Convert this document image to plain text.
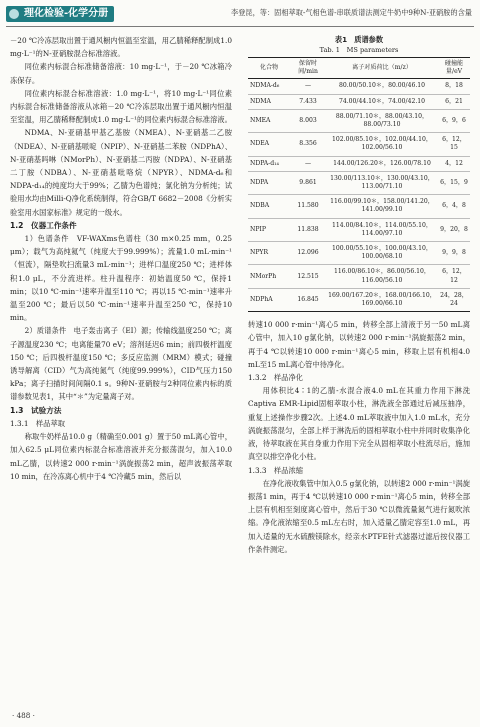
理化检验-化学分册	李登昆，等：固相萃取-气相色谱-串联质谱法测定牛奶中9种N-亚硝胺的含量

－20 ℃冷冻层取出置于通风橱内恒温至室温，用乙腈稀释配制成1.0 mg·L⁻¹的N-亚硝胺混合标准溶液。

同位素内标混合标准储备溶液：10 mg·L⁻¹，于－20 ℃冰箱冷冻保存。

同位素内标混合标准溶液：1.0 mg·L⁻¹，将10 mg·L⁻¹同位素内标混合标准储备溶液从冰箱－20 ℃冷冻层取出置于通风橱内恒温至室温，用乙腈稀释配制成1.0 mg·L⁻¹的同位素内标混合标准溶液。

NDMA、N-亚硝基甲基乙基胺（NMEA）、N-亚硝基二乙胺（NDEA）、N-亚硝基哌啶（NPIP）、N-亚硝基二苯胺（NDPhA）、N-亚硝基吗啉（NMorPh）、N-亚硝基二丙胺（NDPA）、N-亚硝基二丁胺（NDBA）、N-亚硝基吡咯烷（NPYR）、NDMA-d₆和NDPA-d₁₄的纯度均大于99%；乙腈为色谱纯；氯化钠为分析纯；试验用水均由Milli-Q净化系统制得，符合GB/T 6682－2008《分析实验室用水国家标准》规定的一级水。

1.2　仪器工作条件

1）色谱条件　VF-WAXms色谱柱（30 m×0.25 mm，0.25 μm）；载气为高纯氦气（纯度大于99.999%）；流量1.0 mL·min⁻¹（恒流），隔垫吹扫流量3 mL·min⁻¹；进样口温度250 ℃；进样体积1.0 μL，不分流进样。柱升温程序：初始温度50 ℃，保持1 min；以10 ℃·min⁻¹速率升温至110 ℃；再以15 ℃·min⁻¹速率升温至200 ℃；最后以50 ℃·min⁻¹速率升温至250 ℃，保持10 min。

2）质谱条件　电子轰击离子（EI）源；传输线温度250 ℃；离子源温度230 ℃；电离能量70 eV；溶剂延迟6 min；前四极杆温度150 ℃；后四极杆温度150 ℃；多反应监测（MRM）模式；碰撞诱导解离（CID）气为高纯氮气（纯度99.999%），CID气压力150 kPa；离子扫描时间间隔0.1 s。9种N-亚硝胺与2种同位素内标的质谱参数见表1，其中“＊”为定量离子对。

1.3　试验方法

1.3.1　样品萃取

称取牛奶样品10.0 g（精确至0.001 g）置于50 mL离心管中，加入62.5 μL同位素内标混合标准溶液并充分振荡混匀，加入10.0 mL乙腈，以转速2 000 r·min⁻¹涡旋振荡2 min，超声波振荡萃取10 min，在冷冻离心机中于4 ℃冷藏5 min，然后以

表1　质谱参数

Tab. 1　MS parameters

化合物	保留时间/min	离子对质荷比（m/z）	碰撞能量/eV
NDMA-d₆	—	80.00/50.10＊，80.00/46.10	8，18
NDMA	7.433	74.00/44.10＊，74.00/42.10	6，21
NMEA	8.003	88.00/71.10＊，88.00/43.10，88.00/73.10	6，9，6
NDEA	8.356	102.00/85.10＊，102.00/44.10，102.00/56.10	6，12，15
NDPA-d₁₄	—	144.00/126.20＊，126.00/78.10	4，12
NDPA	9.861	130.00/113.10＊，130.00/43.10，113.00/71.10	6，15，9
NDBA	11.580	116.00/99.10＊，158.00/141.20，141.00/99.10	6，4，8
NPIP	11.838	114.00/84.10＊，114.00/55.10，114.00/97.10	9，20，8
NPYR	12.096	100.00/55.10＊，100.00/43.10，100.00/68.10	9，9，8
NMorPh	12.515	116.00/86.10＊，86.00/56.10，116.00/56.10	6，12，12
NDPhA	16.845	169.00/167.20＊，168.00/166.10，169.00/66.10	24，28，24

转速10 000 r·min⁻¹离心5 min，转移全部上清液于另一50 mL离心管中，加入10 g氯化钠，以转速2 000 r·min⁻¹涡旋振荡2 min，再于4 ℃以转速10 000 r·min⁻¹离心5 min，移取上层有机相4.0 mL至15 mL离心管中待净化。

1.3.2　样品净化

用体积比4∶1的乙腈-水混合液4.0 mL在其重力作用下淋洗Captiva EMR-Lipid固相萃取小柱，淋洗液全部通过后减压抽净，重复上述操作步骤2次。上述4.0 mL萃取液中加入1.0 mL水，充分涡旋振荡混匀，全部上样于淋洗后的固相萃取小柱中并同时收集净化液，待萃取液在其自身重力作用下完全从固相萃取小柱流尽后，施加真空以排空净化小柱。

1.3.3　样品浓缩

在净化液收集管中加入0.5 g氯化钠，以转速2 000 r·min⁻¹涡旋振荡1 min，再于4 ℃以转速10 000 r·min⁻¹离心5 min，转移全部上层有机相至刻度离心管中，然后于30 ℃以微流量氮气进行氮吹浓缩。净化液浓缩至0.5 mL左右时，加入适量乙腈定容至1.0 mL，再加入适量的无水硫酸镁除水，经亲水PTFE针式滤器过滤后按仪器工作条件测定。

· 488 ·
